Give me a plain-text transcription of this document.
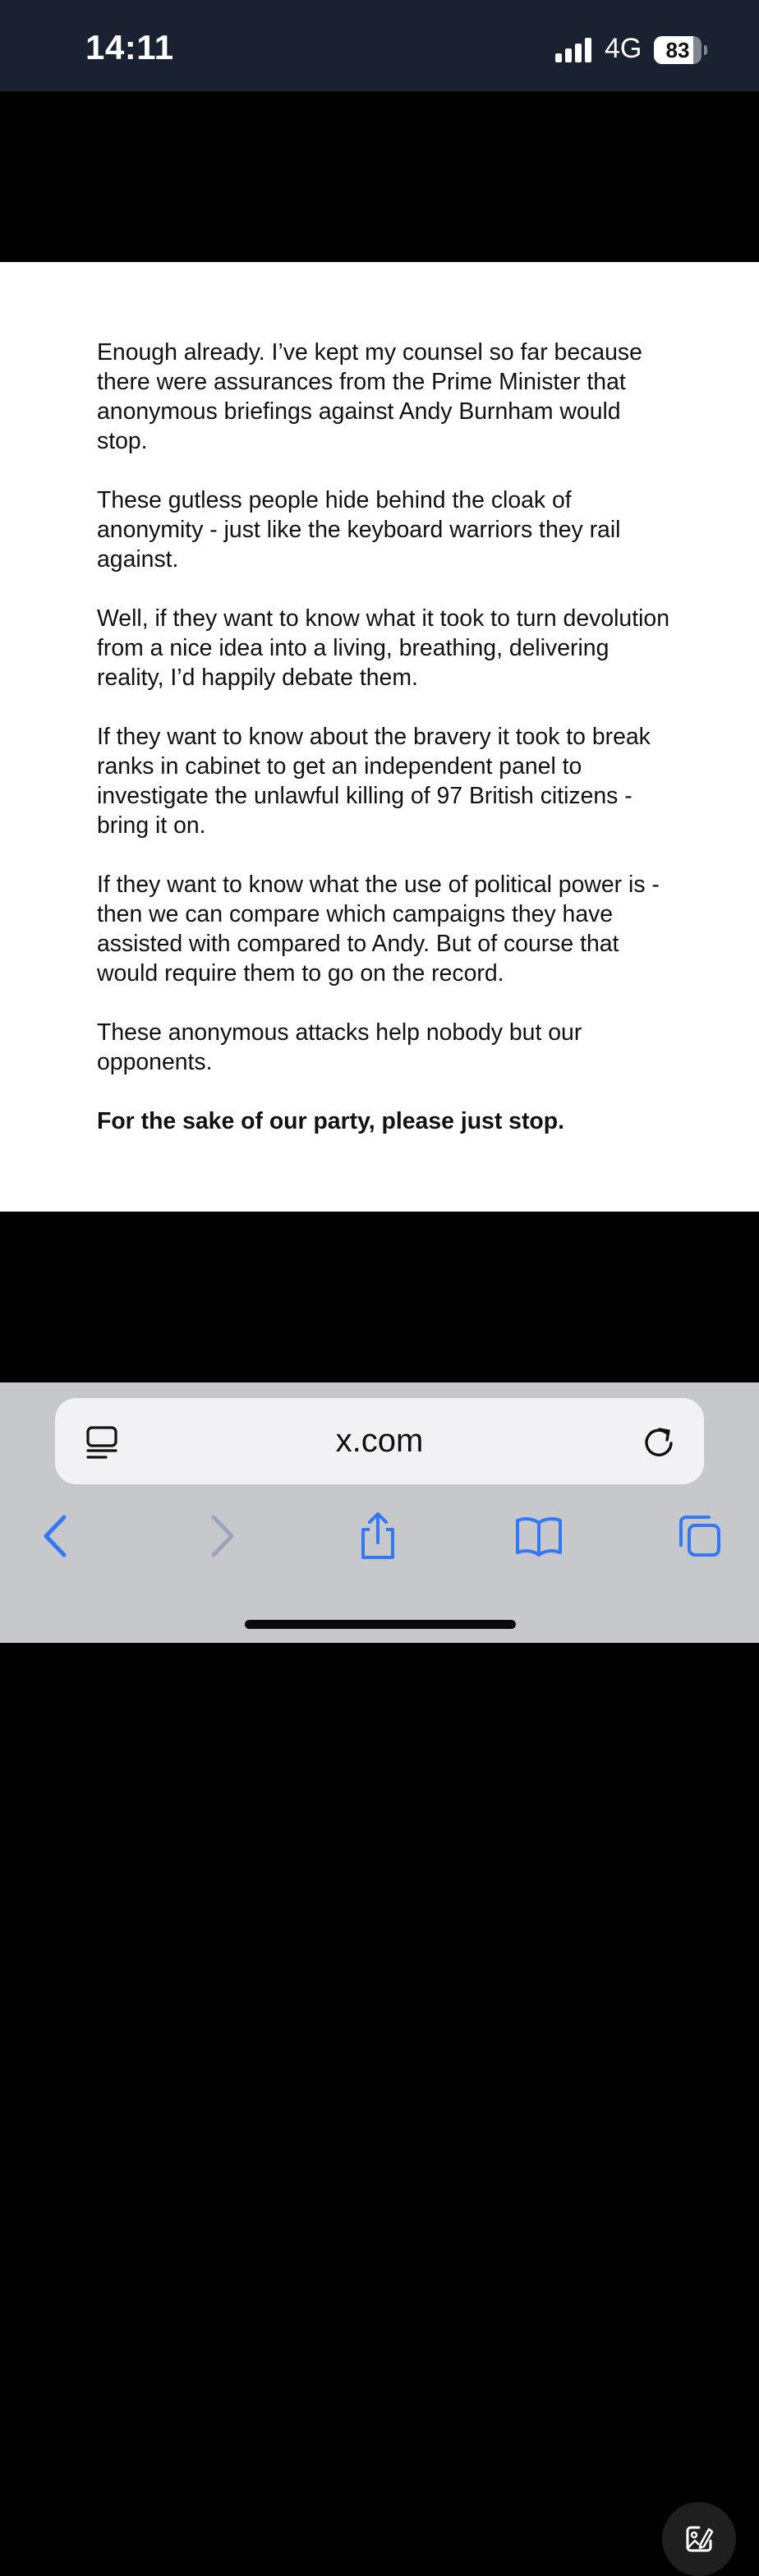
14:11	4G	83

Enough already. I’ve kept my counsel so far because there were assurances from the Prime Minister that anonymous briefings against Andy Burnham would stop.

These gutless people hide behind the cloak of anonymity - just like the keyboard warriors they rail against.

Well, if they want to know what it took to turn devolution from a nice idea into a living, breathing, delivering reality, I’d happily debate them.

If they want to know about the bravery it took to break ranks in cabinet to get an independent panel to investigate the unlawful killing of 97 British citizens - bring it on.

If they want to know what the use of political power is - then we can compare which campaigns they have assisted with compared to Andy. But of course that would require them to go on the record.

These anonymous attacks help nobody but our opponents.

For the sake of our party, please just stop.

x.com
